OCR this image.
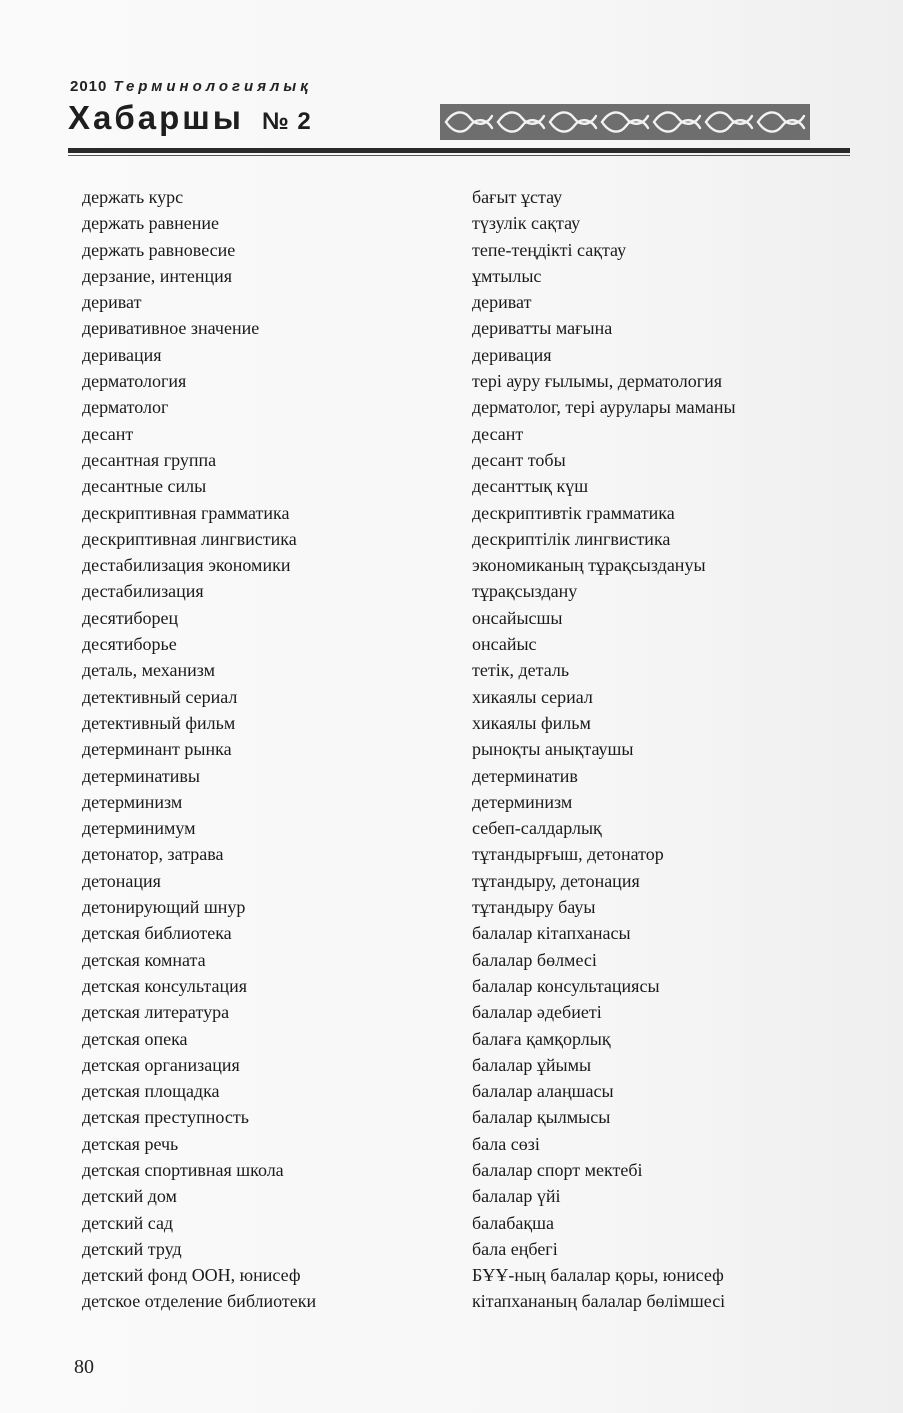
2010 Терминологиялық
Хабаршы № 2
держать курс
держать равнение
держать равновесие
дерзание, интенция
дериват
деривативное значение
деривация
дерматология
дерматолог
десант
десантная группа
десантные силы
дескриптивная грамматика
дескриптивная лингвистика
дестабилизация экономики
дестабилизация
десятиборец
десятиборье
деталь, механизм
детективный сериал
детективный фильм
детерминант рынка
детерминативы
детерминизм
детерминимум
детонатор, затрава
детонация
детонирующий шнур
детская библиотека
детская комната
детская консультация
детская литература
детская опека
детская организация
детская площадка
детская преступность
детская речь
детская спортивная школа
детский дом
детский сад
детский труд
детский фонд ООН, юнисеф
детское отделение библиотеки
бағыт ұстау
түзулік сақтау
тепе-теңдікті сақтау
ұмтылыс
дериват
дериватты мағына
деривация
тері ауру ғылымы, дерматология
дерматолог, тері аурулары маманы
десант
десант тобы
десанттық күш
дескриптивтік грамматика
дескриптілік лингвистика
экономиканың тұрақсыздануы
тұрақсыздану
онсайысшы
онсайыс
тетік, деталь
хикаялы сериал
хикаялы фильм
рыноқты анықтаушы
детерминатив
детерминизм
себеп-салдарлық
тұтандырғыш, детонатор
тұтандыру, детонация
тұтандыру бауы
балалар кітапханасы
балалар бөлмесі
балалар консультациясы
балалар әдебиеті
балаға қамқорлық
балалар ұйымы
балалар алаңшасы
балалар қылмысы
бала сөзі
балалар спорт мектебі
балалар үйі
балабақша
бала еңбегі
БҰҰ-ның балалар қоры, юнисеф
кітапхананың балалар бөлімшесі
80
